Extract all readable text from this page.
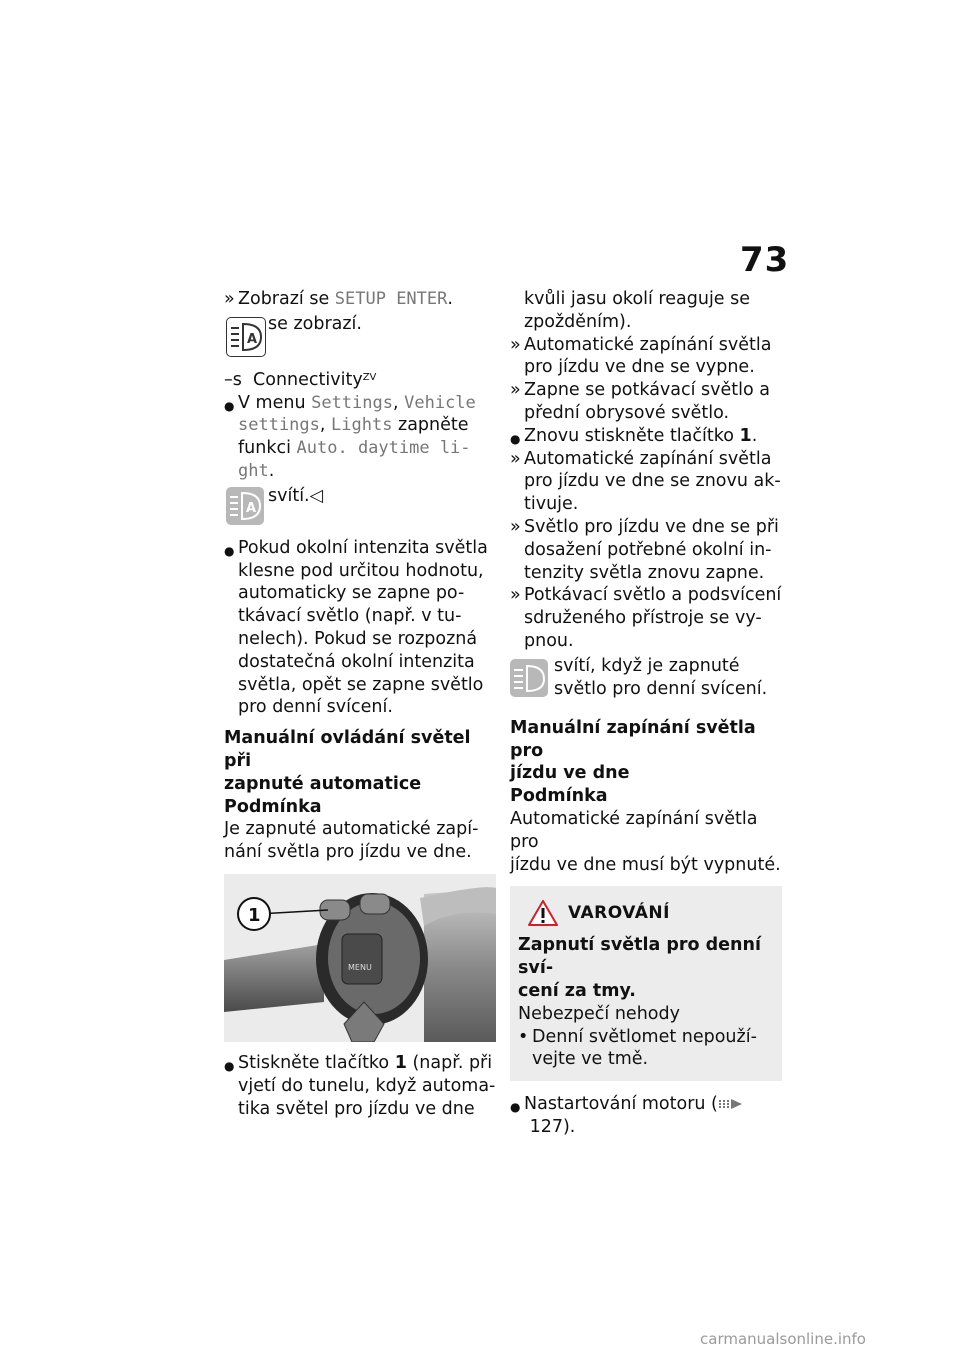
73
» Zobrazí se SETUP ENTER.
A
se zobrazí.
–s Connectivity$^{ZV}$
● V menu Settings, Vehicle
settings, Lights zapněte
funkci Auto. daytime li-
ght.
A
svítí.◁
● Pokud okolní intenzita světla
klesne pod určitou hodnotu,
automaticky se zapne po-
tkávací světlo (např. v tu-
nelech). Pokud se rozpozná
dostatečná okolní intenzita
světla, opět se zapne světlo
pro denní svícení.
Manuální ovládání světel při
zapnuté automatice
Podmínka
Je zapnuté automatické zapí-
nání světla pro jízdu ve dne.
MENU
1
● Stiskněte tlačítko 1 (např. při
vjetí do tunelu, když automa-
tika světel pro jízdu ve dne
kvůli jasu okolí reaguje se
zpožděním).
» Automatické zapínání světla
pro jízdu ve dne se vypne.
» Zapne se potkávací světlo a
přední obrysové světlo.
● Znovu stiskněte tlačítko 1.
» Automatické zapínání světla
pro jízdu ve dne se znovu ak-
tivuje.
» Světlo pro jízdu ve dne se při
dosažení potřebné okolní in-
tenzity světla znovu zapne.
» Potkávací světlo a podsvícení
sdruženého přístroje se vy-
pnou.
svítí, když je zapnuté
světlo pro denní svícení.
Manuální zapínání světla pro
jízdu ve dne
Podmínka
Automatické zapínání světla pro
jízdu ve dne musí být vypnuté.
VAROVÁNÍ
Zapnutí světla pro denní sví-
cení za tmy.
Nebezpečí nehody
• Denní světlomet nepouží-
vejte ve tmě.
● Nastartování motoru ( 127).
carmanualsonline.info
